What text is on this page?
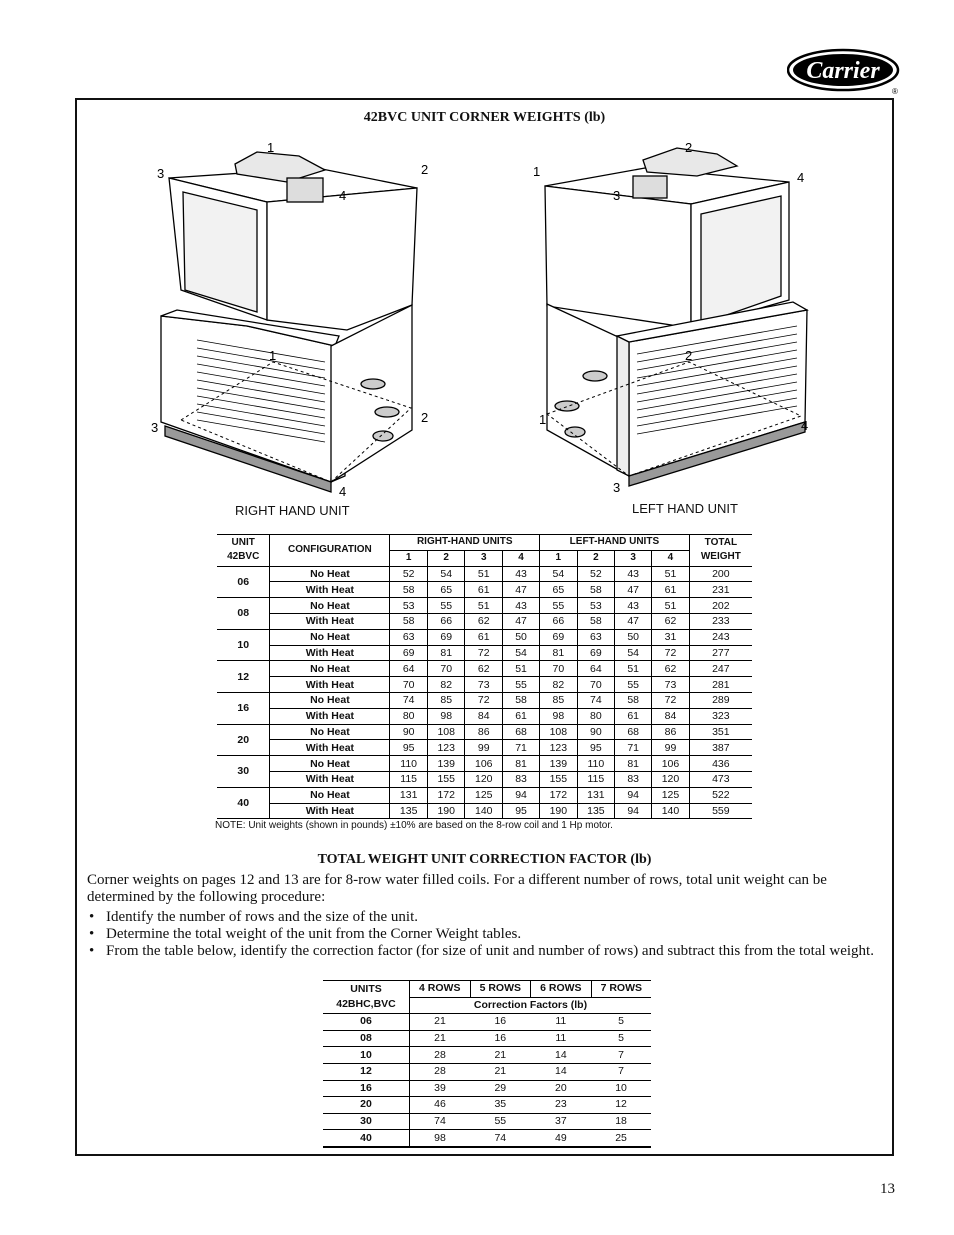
Carrier
®
42BVC UNIT CORNER WEIGHTS (lb)
1
2
3
4
1
2
3
4
1
2
3
4
1
2
3
4
RIGHT HAND UNIT	LEFT HAND UNIT
UNIT
42BVC	CONFIGURATION	RIGHT-HAND UNITS				LEFT-HAND UNITS				TOTAL
WEIGHT
		1	2	3	4	1	2	3	4	
06	No Heat	52	54	51	43	54	52	43	51	200
	With Heat	58	65	61	47	65	58	47	61	231
08	No Heat	53	55	51	43	55	53	43	51	202
	With Heat	58	66	62	47	66	58	47	62	233
10	No Heat	63	69	61	50	69	63	50	31	243
	With Heat	69	81	72	54	81	69	54	72	277
12	No Heat	64	70	62	51	70	64	51	62	247
	With Heat	70	82	73	55	82	70	55	73	281
16	No Heat	74	85	72	58	85	74	58	72	289
	With Heat	80	98	84	61	98	80	61	84	323
20	No Heat	90	108	86	68	108	90	68	86	351
	With Heat	95	123	99	71	123	95	71	99	387
30	No Heat	110	139	106	81	139	110	81	106	436
	With Heat	115	155	120	83	155	115	83	120	473
40	No Heat	131	172	125	94	172	131	94	125	522
	With Heat	135	190	140	95	190	135	94	140	559
NOTE: Unit weights (shown in pounds) ±10% are based on the 8-row coil and 1 Hp motor.
TOTAL WEIGHT UNIT CORRECTION FACTOR (lb)

Corner weights on pages 12 and 13 are for 8-row water filled coils. For a different number of rows, total unit weight can be determined by the following procedure:

• Identify the number of rows and the size of the unit.
• Determine the total weight of the unit from the Corner Weight tables.
• From the table below, identify the correction factor (for size of unit and number of rows) and subtract this from the total weight.
UNITS
42BHC,BVC	4 ROWS	5 ROWS	6 ROWS	7 ROWS
	Correction Factors (lb)			
06	21	16	11	5
08	21	16	11	5
10	28	21	14	7
12	28	21	14	7
16	39	29	20	10
20	46	35	23	12
30	74	55	37	18
40	98	74	49	25
13
